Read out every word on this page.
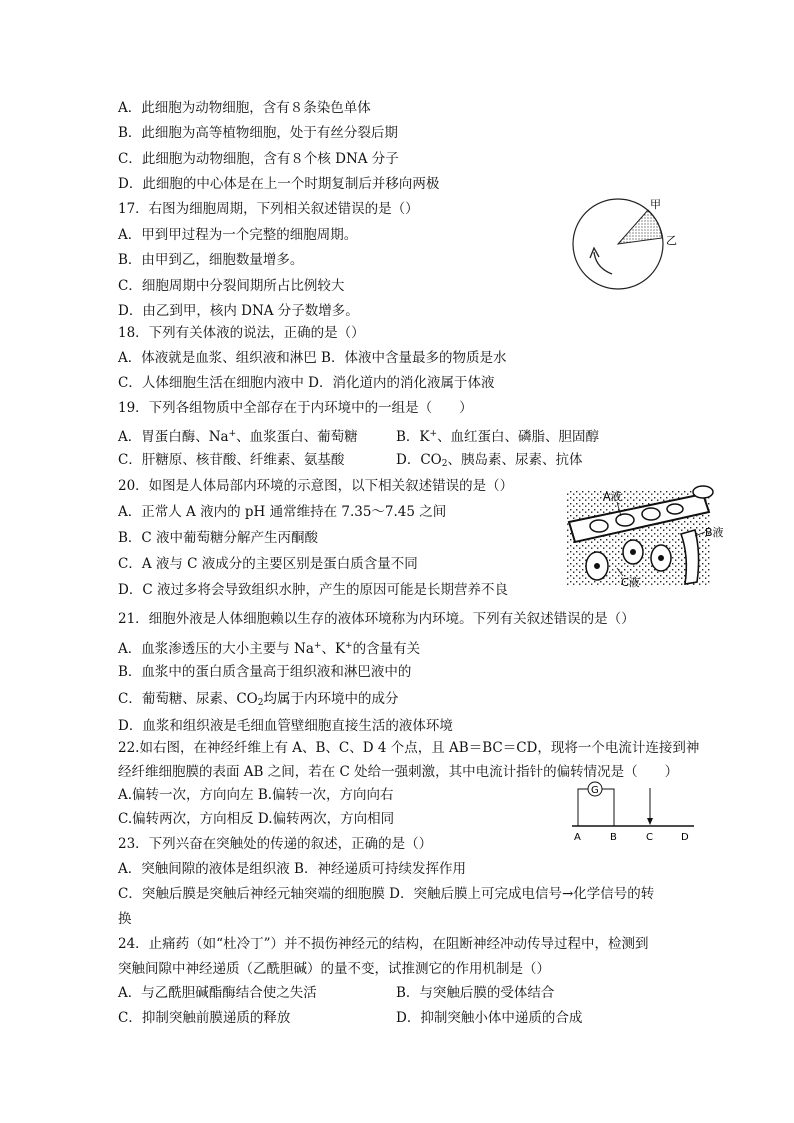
A．此细胞为动物细胞，含有８条染色单体
B．此细胞为高等植物细胞，处于有丝分裂后期
C．此细胞为动物细胞，含有８个核 DNA 分子
D．此细胞的中心体是在上一个时期复制后并移向两极
17．右图为细胞周期，下列相关叙述错误的是（）
A．甲到甲过程为一个完整的细胞周期。
B．由甲到乙，细胞数量增多。
C．细胞周期中分裂间期所占比例较大
D．由乙到甲，核内 DNA 分子数增多。
甲
乙
18．下列有关体液的说法，正确的是（）
A．体液就是血浆、组织液和淋巴 B．体液中含量最多的物质是水
C．人体细胞生活在细胞内液中 D．消化道内的消化液属于体液
19．下列各组物质中全部存在于内环境中的一组是（　　）
A．胃蛋白酶、Na+、血浆蛋白、葡萄糖	B．K+、血红蛋白、磷脂、胆固醇
C．肝糖原、核苷酸、纤维素、氨基酸	D．$CO_2$、胰岛素、尿素、抗体
20．如图是人体局部内环境的示意图，以下相关叙述错误的是（）
A．正常人 A 液内的 pH 通常维持在 7.35～7.45 之间
B．C 液中葡萄糖分解产生丙酮酸
C．A 液与 C 液成分的主要区别是蛋白质含量不同
D．C 液过多将会导致组织水肿，产生的原因可能是长期营养不良
A液
B液
C液
21．细胞外液是人体细胞赖以生存的液体环境称为内环境。下列有关叙述错误的是（）
A．血浆渗透压的大小主要与 Na+、K+的含量有关
B．血浆中的蛋白质含量高于组织液和淋巴液中的
C．葡萄糖、尿素、$CO_2$均属于内环境中的成分
D．血浆和组织液是毛细血管壁细胞直接生活的液体环境
22.如右图，在神经纤维上有 A、B、C、D 4 个点，且 AB＝BC＝CD，现将一个电流计连接到神
经纤维细胞膜的表面 AB 之间，若在 C 处给一强刺激，其中电流计指针的偏转情况是（　　）
A.偏转一次，方向向左 B.偏转一次，方向向右
C.偏转两次，方向相反 D.偏转两次，方向相同
G
A	B	C	D
23．下列兴奋在突触处的传递的叙述，正确的是（）
A．突触间隙的液体是组织液 B．神经递质可持续发挥作用
C．突触后膜是突触后神经元轴突端的细胞膜 D．突触后膜上可完成电信号→化学信号的转
换
24．止痛药（如“杜冷丁”）并不损伤神经元的结构，在阻断神经冲动传导过程中，检测到
突触间隙中神经递质（乙酰胆碱）的量不变，试推测它的作用机制是（）
A．与乙酰胆碱酯酶结合使之失活	B．与突触后膜的受体结合
C．抑制突触前膜递质的释放	D．抑制突触小体中递质的合成
